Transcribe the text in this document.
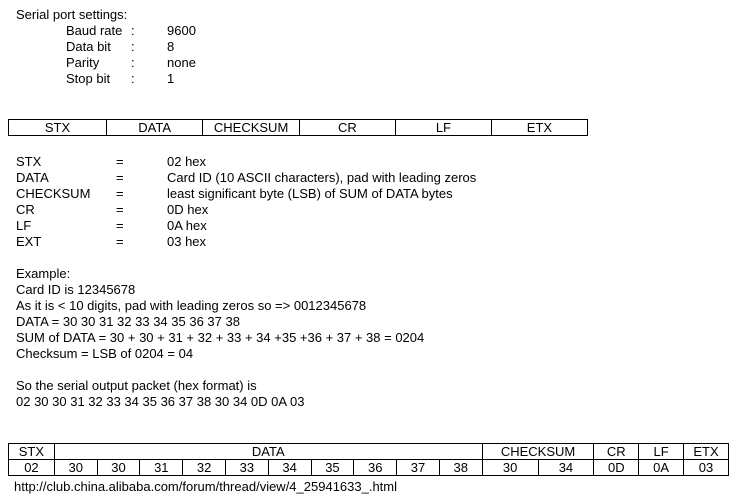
Serial port settings:
Baud rate : 9600
Data bit : 8
Parity : none
Stop bit : 1
STX	DATA	CHECKSUM	CR	LF	ETX
STX	=	02 hex
DATA	=	Card ID (10 ASCII characters), pad with leading zeros
CHECKSUM =	least significant byte (LSB) of SUM of DATA bytes
CR	=	0D hex
LF	=	0A hex
EXT	=	03 hex
Example:
Card ID is 12345678
As it is < 10 digits, pad with leading zeros so => 0012345678
DATA = 30 30 31 32 33 34 35 36 37 38
SUM of DATA = 30 + 30 + 31 + 32 + 33 + 34 +35 +36 + 37 + 38 = 0204
Checksum = LSB of 0204 = 04
So the serial output packet (hex format) is
02 30 30 31 32 33 34 35 36 37 38 30 34 0D 0A 03
STX	DATA										CHECKSUM		CR	LF	ETX
02	30	30	31	32	33	34	35	36	37	38	30	34	0D	0A	03
http://club.china.alibaba.com/forum/thread/view/4_25941633_.html
